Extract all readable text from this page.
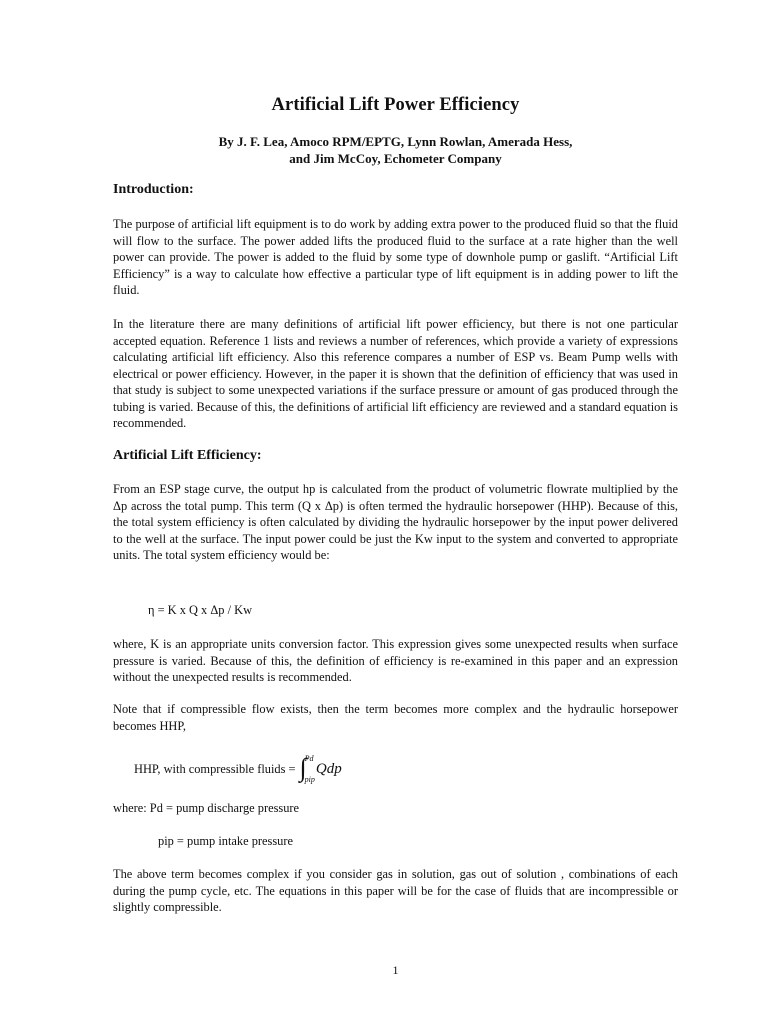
Artificial Lift Power Efficiency
By J. F. Lea, Amoco RPM/EPTG, Lynn Rowlan, Amerada Hess,
and Jim McCoy, Echometer Company
Introduction:
The purpose of artificial lift equipment is to do work by adding extra power to the produced fluid so that the fluid will flow to the surface. The power added lifts the produced fluid to the surface at a rate higher than the well power can provide. The power is added to the fluid by some type of downhole pump or gaslift. “Artificial Lift Efficiency” is a way to calculate how effective a particular type of lift equipment is in adding power to lift the fluid.
In the literature there are many definitions of artificial lift power efficiency, but there is not one particular accepted equation. Reference 1 lists and reviews a number of references, which provide a variety of expressions calculating artificial lift efficiency. Also this reference compares a number of ESP vs. Beam Pump wells with electrical or power efficiency. However, in the paper it is shown that the definition of efficiency that was used in that study is subject to some unexpected variations if the surface pressure or amount of gas produced through the tubing is varied. Because of this, the definitions of artificial lift efficiency are reviewed and a standard equation is recommended.
Artificial Lift Efficiency:
From an ESP stage curve, the output hp is calculated from the product of volumetric flowrate multiplied by the Δp across the total pump. This term (Q x Δp) is often termed the hydraulic horsepower (HHP). Because of this, the total system efficiency is often calculated by dividing the hydraulic horsepower by the input power delivered to the well at the surface. The input power could be just the Kw input to the system and converted to appropriate units. The total system efficiency would be:
η = K x Q x Δp / Kw
where, K is an appropriate units conversion factor. This expression gives some unexpected results when surface pressure is varied. Because of this, the definition of efficiency is re-examined in this paper and an expression without the unexpected results is recommended.
Note that if compressible flow exists, then the term becomes more complex and the hydraulic horsepower becomes HHP,
HHP, with compressible fluids = ∫
Pd
pip
Qdp
where: Pd = pump discharge pressure
pip = pump intake pressure
The above term becomes complex if you consider gas in solution, gas out of solution , combinations of each during the pump cycle, etc. The equations in this paper will be for the case of fluids that are incompressible or slightly compressible.
1
